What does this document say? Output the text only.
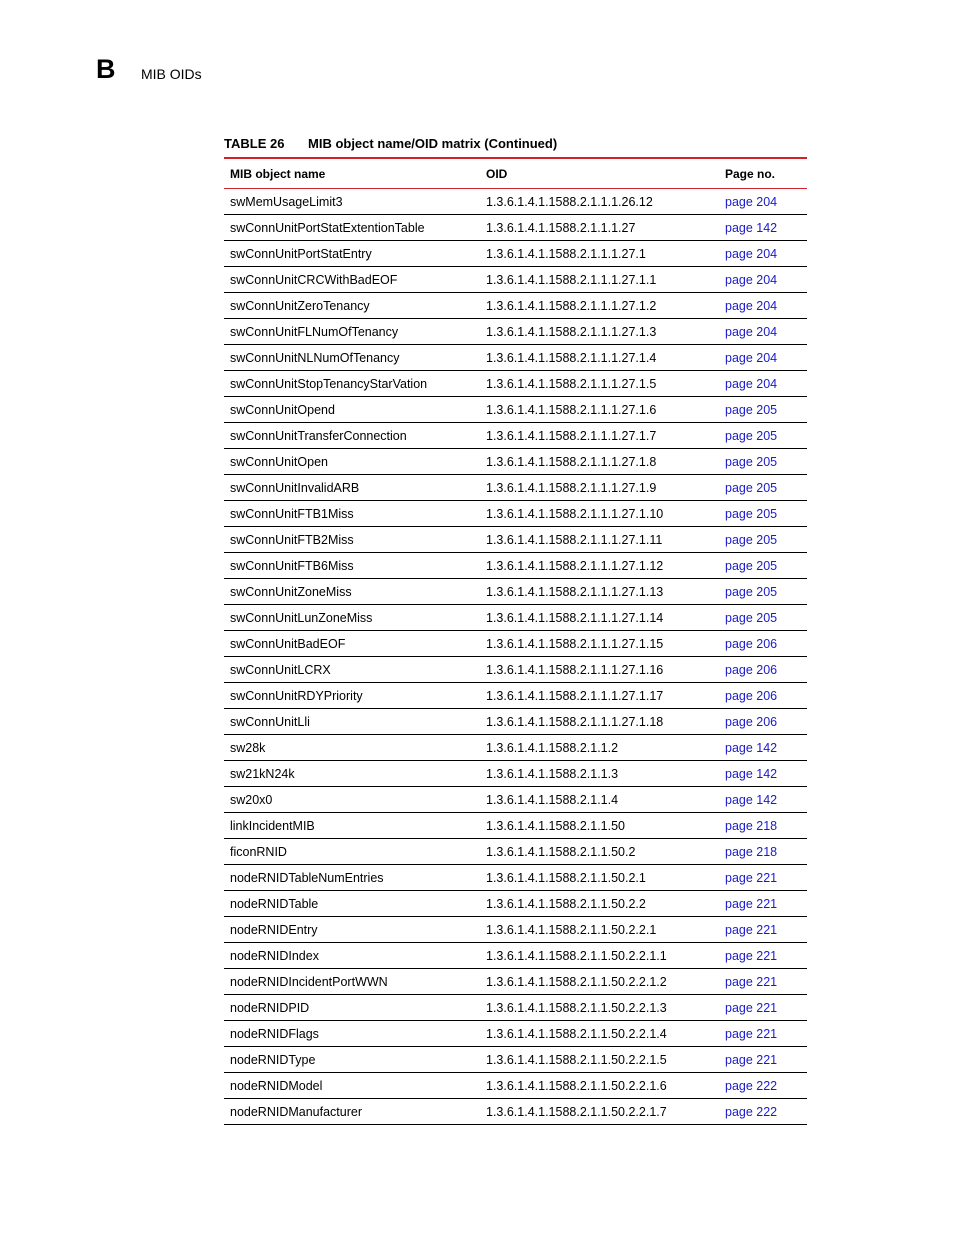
B MIB OIDs
TABLE 26 MIB object name/OID matrix (Continued)
MIB object name	OID	Page no.
swMemUsageLimit3	1.3.6.1.4.1.1588.2.1.1.1.26.12	page 204
swConnUnitPortStatExtentionTable	1.3.6.1.4.1.1588.2.1.1.1.27	page 142
swConnUnitPortStatEntry	1.3.6.1.4.1.1588.2.1.1.1.27.1	page 204
swConnUnitCRCWithBadEOF	1.3.6.1.4.1.1588.2.1.1.1.27.1.1	page 204
swConnUnitZeroTenancy	1.3.6.1.4.1.1588.2.1.1.1.27.1.2	page 204
swConnUnitFLNumOfTenancy	1.3.6.1.4.1.1588.2.1.1.1.27.1.3	page 204
swConnUnitNLNumOfTenancy	1.3.6.1.4.1.1588.2.1.1.1.27.1.4	page 204
swConnUnitStopTenancyStarVation	1.3.6.1.4.1.1588.2.1.1.1.27.1.5	page 204
swConnUnitOpend	1.3.6.1.4.1.1588.2.1.1.1.27.1.6	page 205
swConnUnitTransferConnection	1.3.6.1.4.1.1588.2.1.1.1.27.1.7	page 205
swConnUnitOpen	1.3.6.1.4.1.1588.2.1.1.1.27.1.8	page 205
swConnUnitInvalidARB	1.3.6.1.4.1.1588.2.1.1.1.27.1.9	page 205
swConnUnitFTB1Miss	1.3.6.1.4.1.1588.2.1.1.1.27.1.10	page 205
swConnUnitFTB2Miss	1.3.6.1.4.1.1588.2.1.1.1.27.1.11	page 205
swConnUnitFTB6Miss	1.3.6.1.4.1.1588.2.1.1.1.27.1.12	page 205
swConnUnitZoneMiss	1.3.6.1.4.1.1588.2.1.1.1.27.1.13	page 205
swConnUnitLunZoneMiss	1.3.6.1.4.1.1588.2.1.1.1.27.1.14	page 205
swConnUnitBadEOF	1.3.6.1.4.1.1588.2.1.1.1.27.1.15	page 206
swConnUnitLCRX	1.3.6.1.4.1.1588.2.1.1.1.27.1.16	page 206
swConnUnitRDYPriority	1.3.6.1.4.1.1588.2.1.1.1.27.1.17	page 206
swConnUnitLli	1.3.6.1.4.1.1588.2.1.1.1.27.1.18	page 206
sw28k	1.3.6.1.4.1.1588.2.1.1.2	page 142
sw21kN24k	1.3.6.1.4.1.1588.2.1.1.3	page 142
sw20x0	1.3.6.1.4.1.1588.2.1.1.4	page 142
linkIncidentMIB	1.3.6.1.4.1.1588.2.1.1.50	page 218
ficonRNID	1.3.6.1.4.1.1588.2.1.1.50.2	page 218
nodeRNIDTableNumEntries	1.3.6.1.4.1.1588.2.1.1.50.2.1	page 221
nodeRNIDTable	1.3.6.1.4.1.1588.2.1.1.50.2.2	page 221
nodeRNIDEntry	1.3.6.1.4.1.1588.2.1.1.50.2.2.1	page 221
nodeRNIDIndex	1.3.6.1.4.1.1588.2.1.1.50.2.2.1.1	page 221
nodeRNIDIncidentPortWWN	1.3.6.1.4.1.1588.2.1.1.50.2.2.1.2	page 221
nodeRNIDPID	1.3.6.1.4.1.1588.2.1.1.50.2.2.1.3	page 221
nodeRNIDFlags	1.3.6.1.4.1.1588.2.1.1.50.2.2.1.4	page 221
nodeRNIDType	1.3.6.1.4.1.1588.2.1.1.50.2.2.1.5	page 221
nodeRNIDModel	1.3.6.1.4.1.1588.2.1.1.50.2.2.1.6	page 222
nodeRNIDManufacturer	1.3.6.1.4.1.1588.2.1.1.50.2.2.1.7	page 222
